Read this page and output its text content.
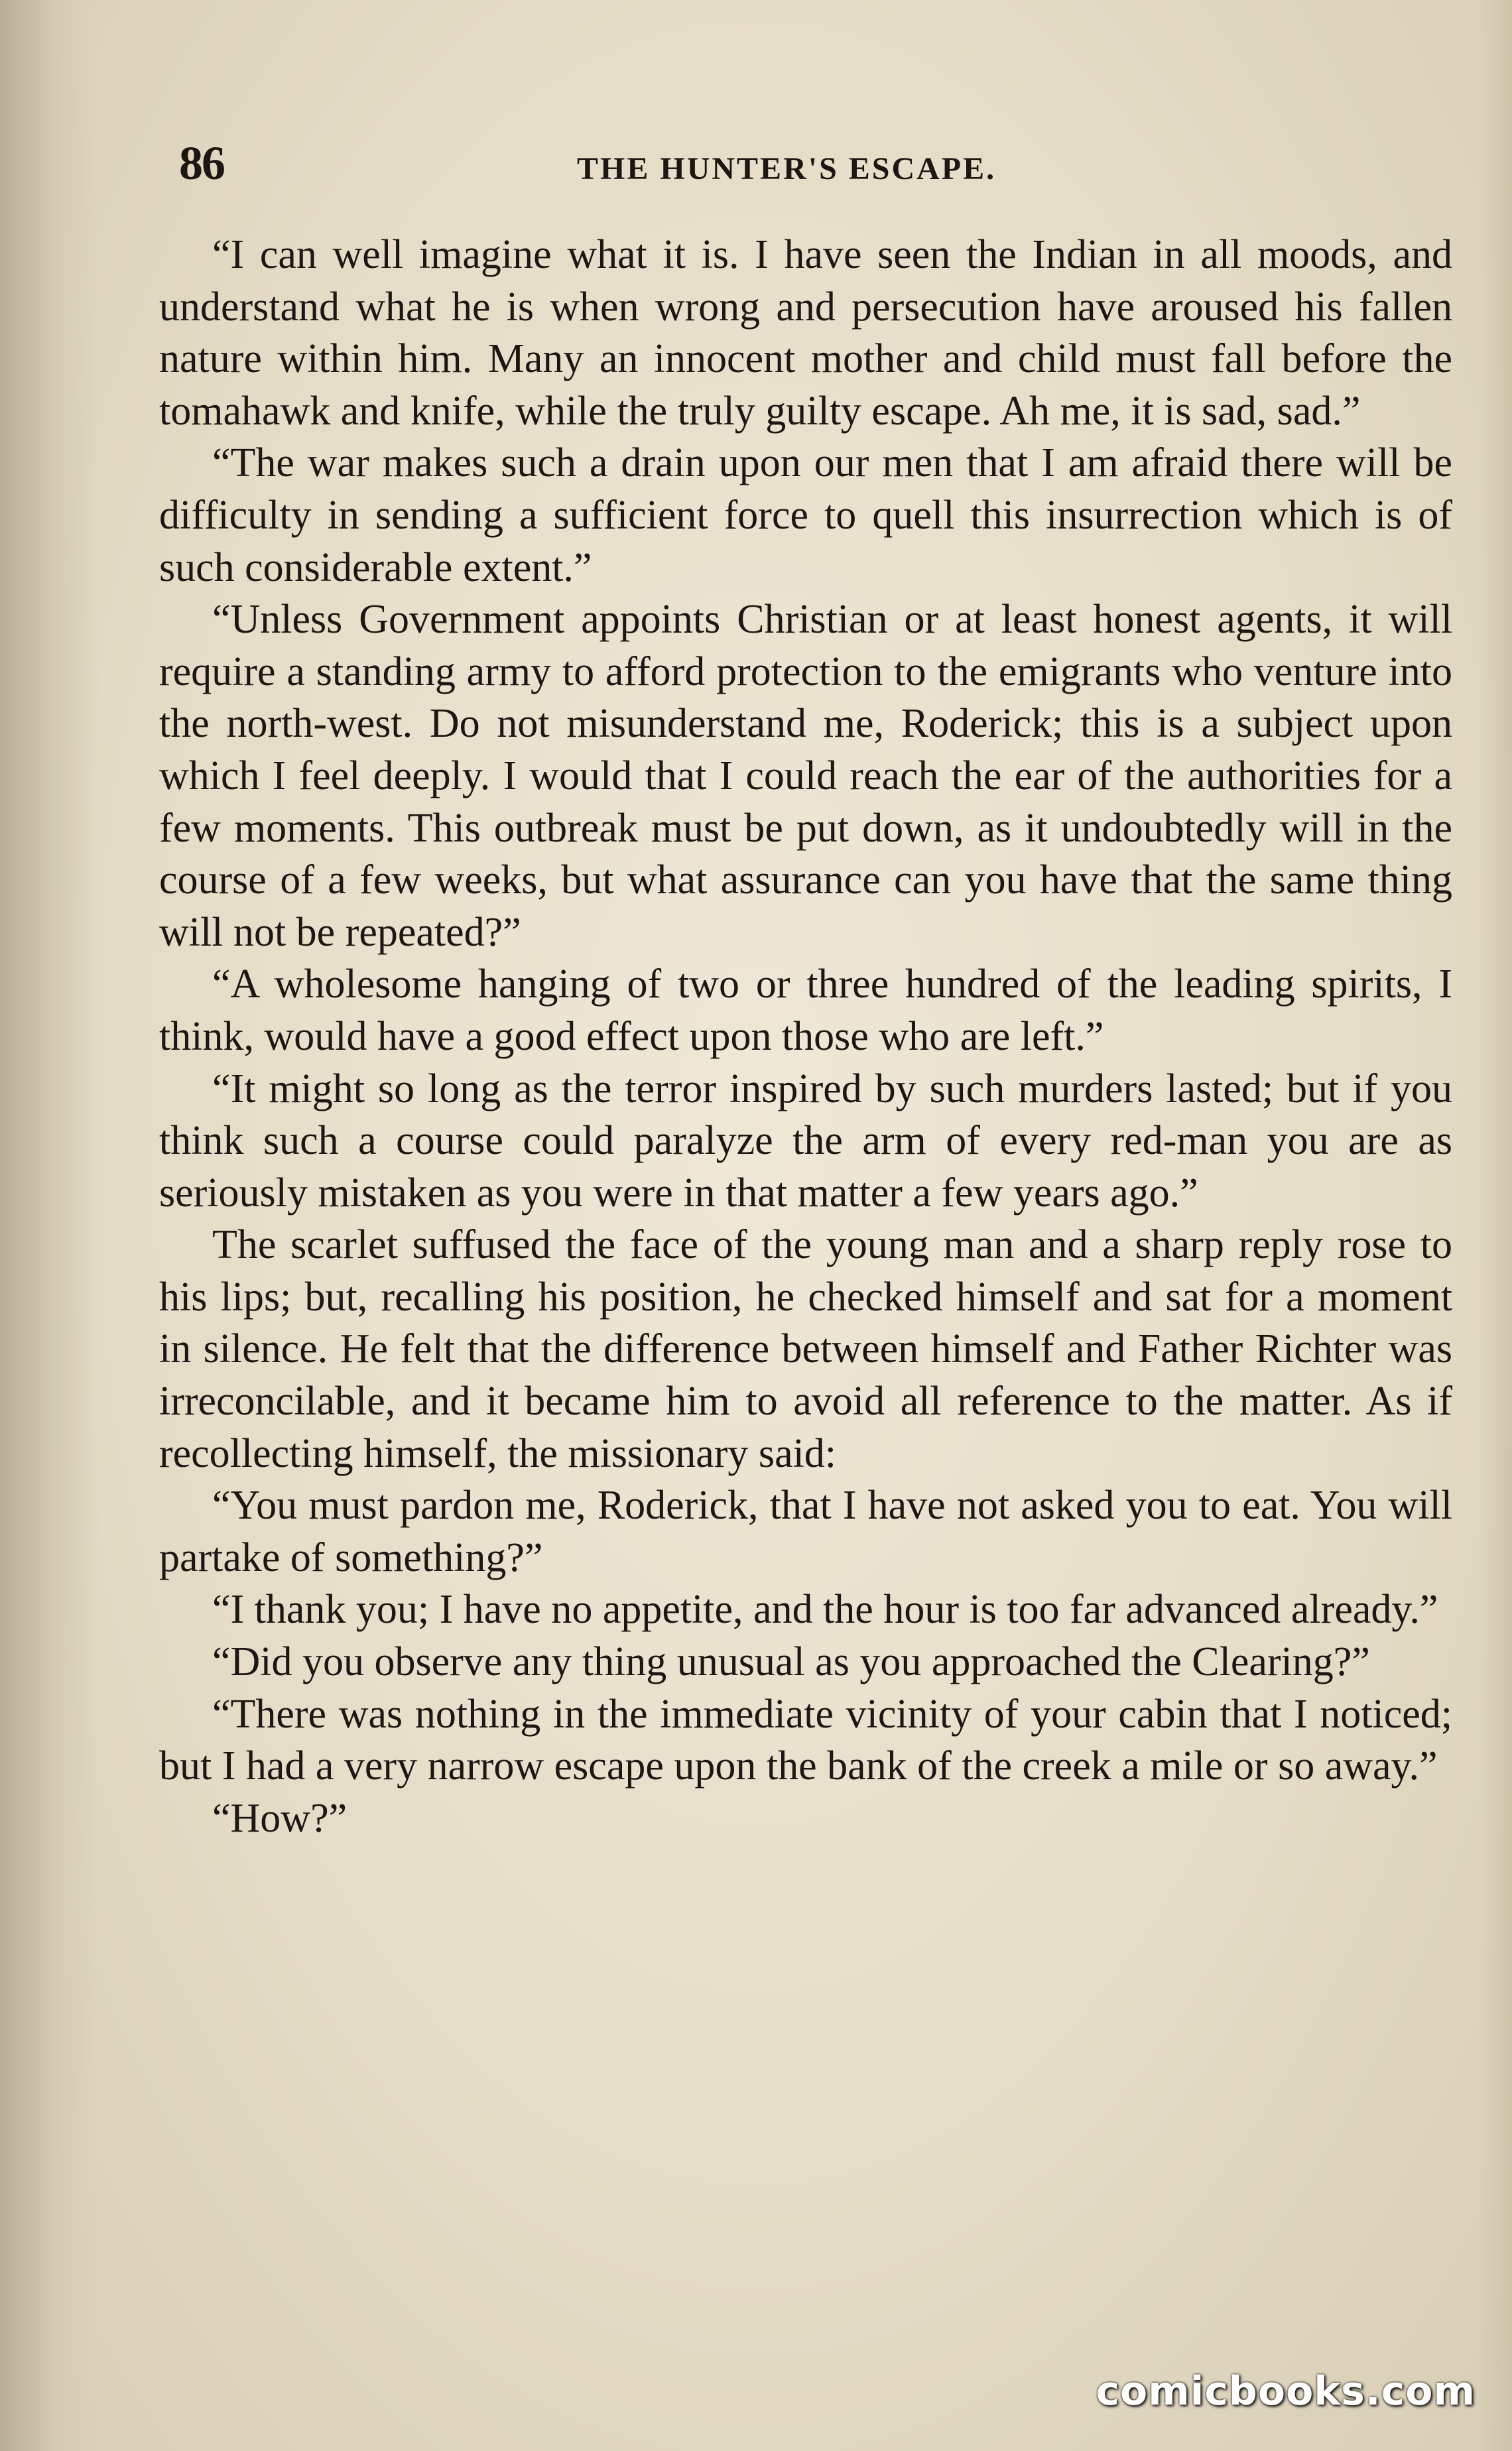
86	THE HUNTER'S ESCAPE.

“I can well imagine what it is. I have seen the Indian in all moods, and understand what he is when wrong and persecution have aroused his fallen nature within him. Many an innocent mother and child must fall before the tomahawk and knife, while the truly guilty escape. Ah me, it is sad, sad.”

“The war makes such a drain upon our men that I am afraid there will be difficulty in sending a sufficient force to quell this insurrection which is of such considerable extent.”

“Unless Government appoints Christian or at least honest agents, it will require a standing army to afford protection to the emigrants who venture into the north-west. Do not misunderstand me, Roderick; this is a subject upon which I feel deeply. I would that I could reach the ear of the authorities for a few moments. This outbreak must be put down, as it undoubtedly will in the course of a few weeks, but what assurance can you have that the same thing will not be repeated?”

“A wholesome hanging of two or three hundred of the leading spirits, I think, would have a good effect upon those who are left.”

“It might so long as the terror inspired by such murders lasted; but if you think such a course could paralyze the arm of every red-man you are as seriously mistaken as you were in that matter a few years ago.”

The scarlet suffused the face of the young man and a sharp reply rose to his lips; but, recalling his position, he checked himself and sat for a moment in silence. He felt that the difference between himself and Father Richter was irreconcilable, and it became him to avoid all reference to the matter. As if recollecting himself, the missionary said:

“You must pardon me, Roderick, that I have not asked you to eat. You will partake of something?”

“I thank you; I have no appetite, and the hour is too far advanced already.”

“Did you observe any thing unusual as you approached the Clearing?”

“There was nothing in the immediate vicinity of your cabin that I noticed; but I had a very narrow escape upon the bank of the creek a mile or so away.”

“How?”

comicbooks.com
